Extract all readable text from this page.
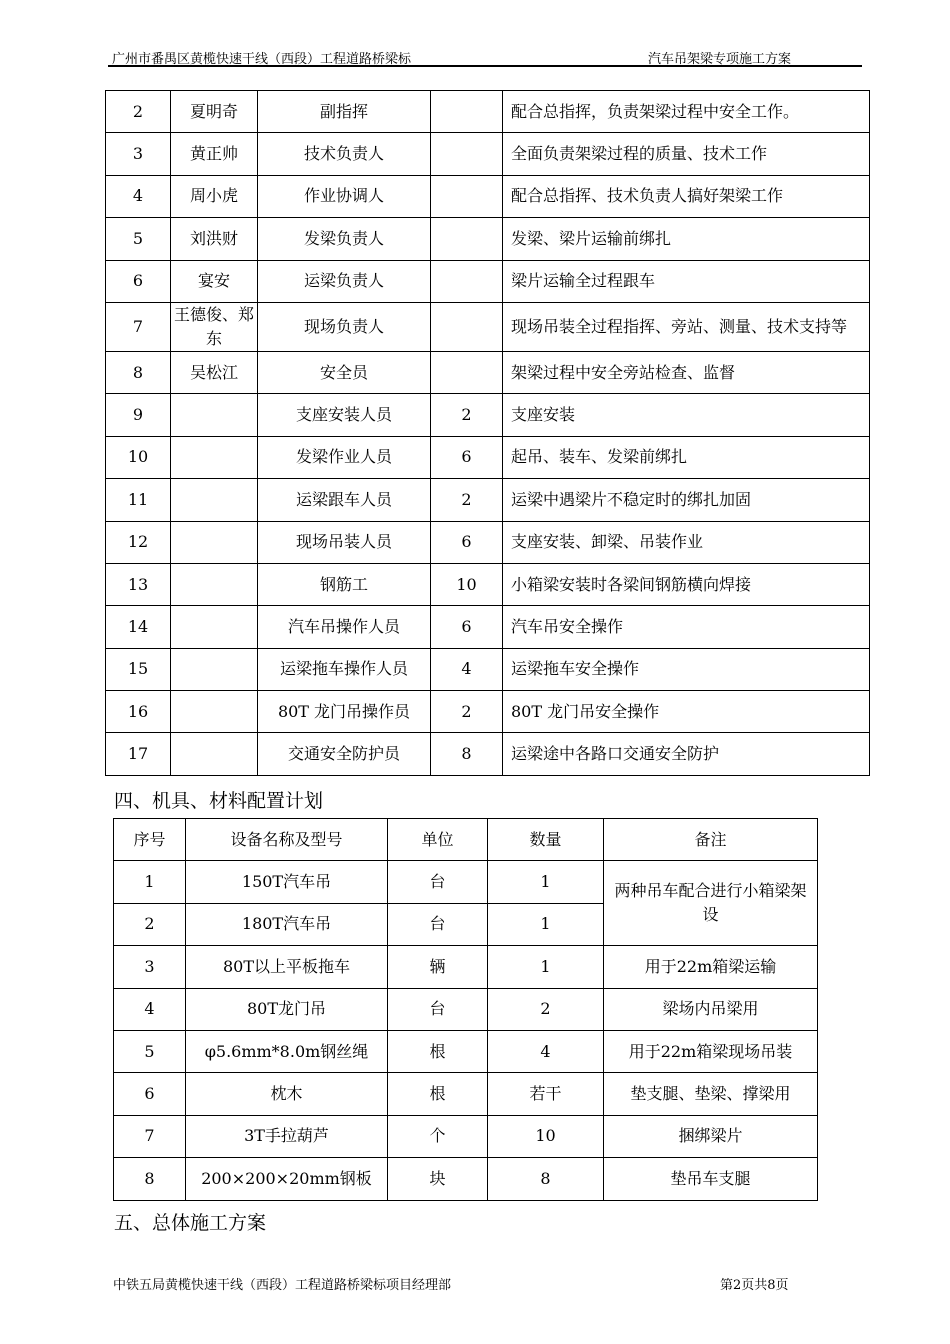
广州市番禺区黄榄快速干线（西段）工程道路桥梁标	汽车吊架梁专项施工方案
2	夏明奇	副指挥		配合总指挥，负责架梁过程中安全工作。
3	黄正帅	技术负责人		全面负责架梁过程的质量、技术工作
4	周小虎	作业协调人		配合总指挥、技术负责人搞好架梁工作
5	刘洪财	发梁负责人		发梁、梁片运输前绑扎
6	宴安	运梁负责人		梁片运输全过程跟车
7	王德俊、郑东	现场负责人		现场吊装全过程指挥、旁站、测量、技术支持等
8	吴松江	安全员		架梁过程中安全旁站检查、监督
9		支座安装人员	2	支座安装
10		发梁作业人员	6	起吊、装车、发梁前绑扎
11		运梁跟车人员	2	运梁中遇梁片不稳定时的绑扎加固
12		现场吊装人员	6	支座安装、卸梁、吊装作业
13		钢筋工	10	小箱梁安装时各梁间钢筋横向焊接
14		汽车吊操作人员	6	汽车吊安全操作
15		运梁拖车操作人员	4	运梁拖车安全操作
16		80T 龙门吊操作员	2	80T 龙门吊安全操作
17		交通安全防护员	8	运梁途中各路口交通安全防护
四、机具、材料配置计划
序号	设备名称及型号	单位	数量	备注
1	150T汽车吊	台	1	两种吊车配合进行小箱梁架设
2	180T汽车吊	台	1	
3	80T以上平板拖车	辆	1	用于22m箱梁运输
4	80T龙门吊	台	2	梁场内吊梁用
5	φ5.6mm*8.0m钢丝绳	根	4	用于22m箱梁现场吊装
6	枕木	根	若干	垫支腿、垫梁、撑梁用
7	3T手拉葫芦	个	10	捆绑梁片
8	200×200×20mm钢板	块	8	垫吊车支腿
五、总体施工方案
中铁五局黄榄快速干线（西段）工程道路桥梁标项目经理部	第2页共8页
